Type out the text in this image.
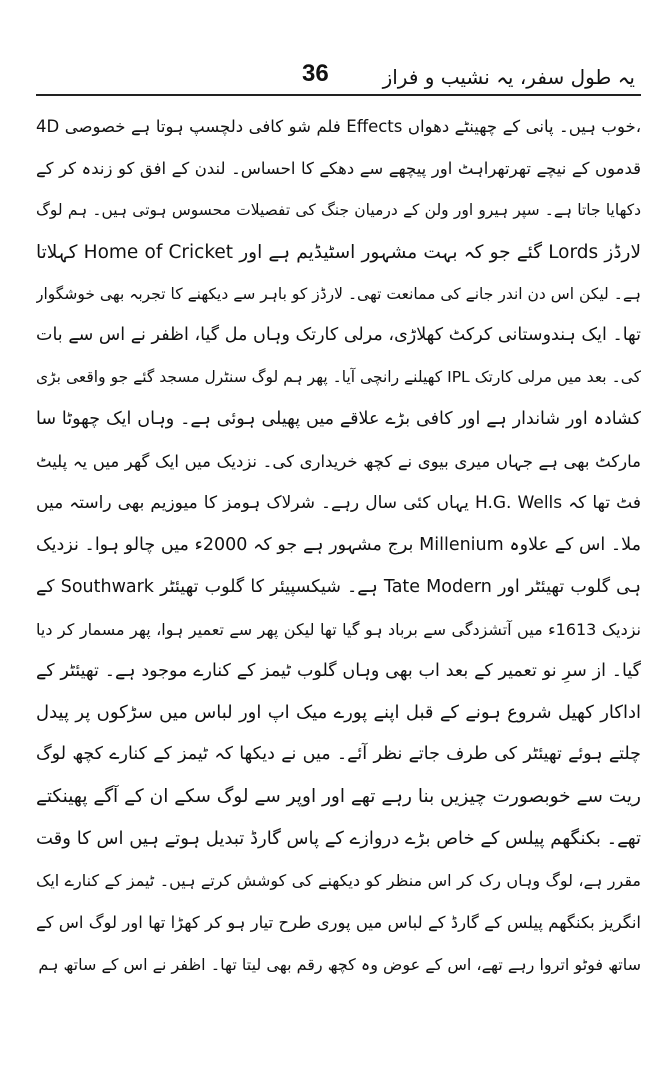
یہ طول سفر، یہ نشیب و فراز
36
4D فلم شو کافی دلچسپ ہوتا ہے خصوصی Effects خوب ہیں۔ پانی کے چھینٹے دھواں،
قدموں کے نیچے تھرتھراہٹ اور پیچھے سے دھکے کا احساس۔ لندن کے افق کو زندہ کر کے
دکھایا جاتا ہے۔ سپر ہیرو اور ولن کے درمیان جنگ کی تفصیلات محسوس ہوتی ہیں۔ ہم لوگ
لارڈز Lords گئے جو کہ بہت مشہور اسٹیڈیم ہے اور Home of Cricket کہلاتا
ہے۔ لیکن اس دن اندر جانے کی ممانعت تھی۔ لارڈز کو باہر سے دیکھنے کا تجربہ بھی خوشگوار
تھا۔ ایک ہندوستانی کرکٹ کھلاڑی، مرلی کارتک وہاں مل گیا، اظفر نے اس سے بات
کی۔ بعد میں مرلی کارتک IPL کھیلنے رانچی آیا۔ پھر ہم لوگ سنٹرل مسجد گئے جو واقعی بڑی
کشادہ اور شاندار ہے اور کافی بڑے علاقے میں پھیلی ہوئی ہے۔ وہاں ایک چھوٹا سا
مارکٹ بھی ہے جہاں میری بیوی نے کچھ خریداری کی۔ نزدیک میں ایک گھر میں یہ پلیٹ
فٹ تھا کہ H.G. Wells یہاں کئی سال رہے۔ شرلاک ہومز کا میوزیم بھی راستہ میں
ملا۔ اس کے علاوہ Millenium برج مشہور ہے جو کہ 2000ء میں چالو ہوا۔ نزدیک
ہی گلوب تھیئٹر اور Tate Modern ہے۔ شیکسپیئر کا گلوب تھیئٹر Southwark کے
نزدیک 1613ء میں آتشزدگی سے برباد ہو گیا تھا لیکن پھر سے تعمیر ہوا، پھر مسمار کر دیا
گیا۔ از سرِ نو تعمیر کے بعد اب بھی وہاں گلوب ٹیمز کے کنارے موجود ہے۔ تھیئٹر کے
اداکار کھیل شروع ہونے کے قبل اپنے پورے میک اپ اور لباس میں سڑکوں پر پیدل
چلتے ہوئے تھیئٹر کی طرف جاتے نظر آئے۔ میں نے دیکھا کہ ٹیمز کے کنارے کچھ لوگ
ریت سے خوبصورت چیزیں بنا رہے تھے اور اوپر سے لوگ سکے ان کے آگے پھینکتے
تھے۔ بکنگھم پیلس کے خاص بڑے دروازے کے پاس گارڈ تبدیل ہوتے ہیں اس کا وقت
مقرر ہے، لوگ وہاں رک کر اس منظر کو دیکھنے کی کوشش کرتے ہیں۔ ٹیمز کے کنارے ایک
انگریز بکنگھم پیلس کے گارڈ کے لباس میں پوری طرح تیار ہو کر کھڑا تھا اور لوگ اس کے
ساتھ فوٹو اتروا رہے تھے، اس کے عوض وہ کچھ رقم بھی لیتا تھا۔ اظفر نے اس کے ساتھ ہم
